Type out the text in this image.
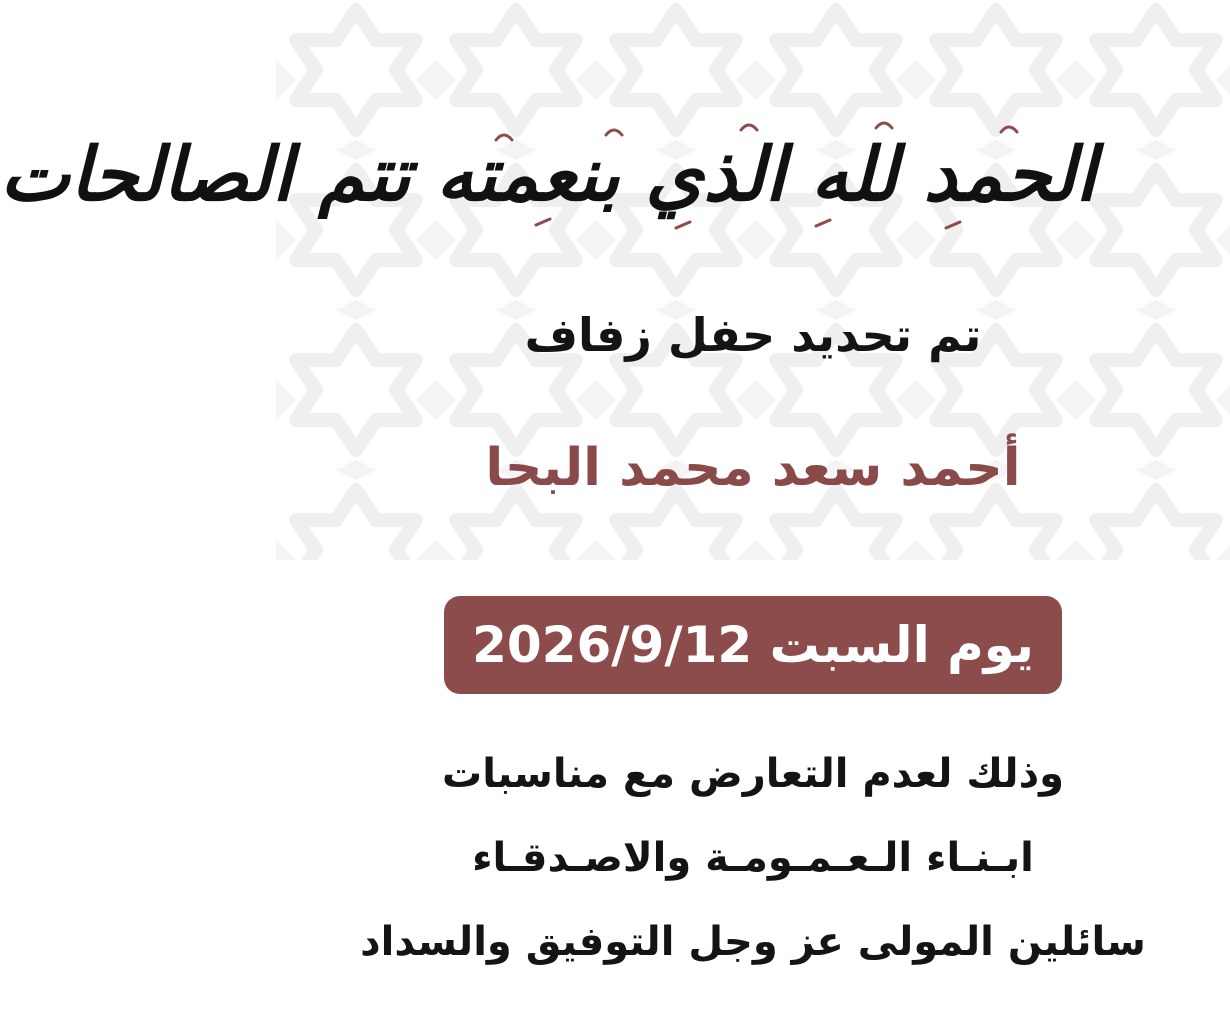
الحمد لله الذي بنعمته تتم الصالحات
تم تحديد حفل زفاف
أحمد سعد محمد البحا
يوم السبت 2026/9/12
وذلك لعدم التعارض مع مناسبات
ابـنـاء الـعـمـومـة والاصـدقـاء
سائلين المولى عز وجل التوفيق والسداد
